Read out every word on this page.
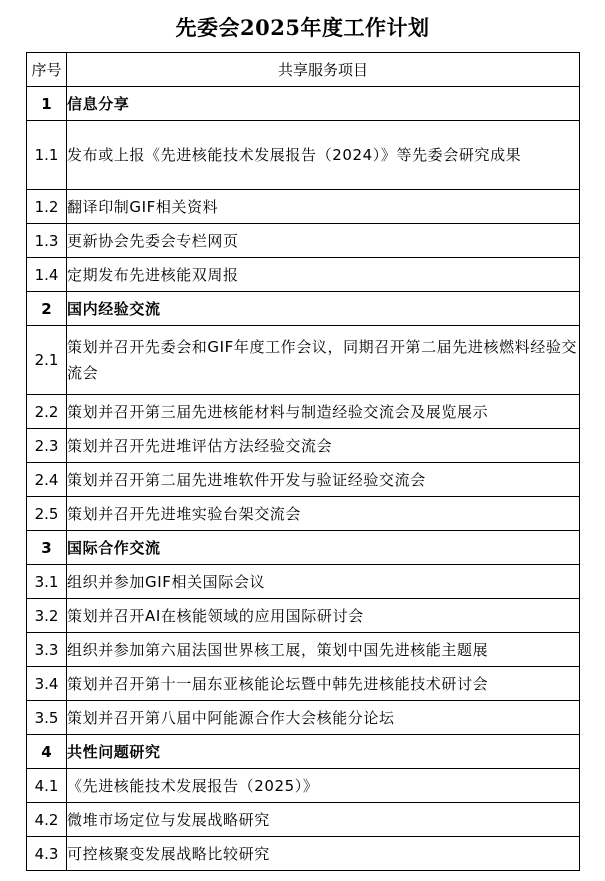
先委会2025年度工作计划
序号	共享服务项目
1	信息分享
1.1	发布或上报《先进核能技术发展报告（2024）》等先委会研究成果
1.2	翻译印制GIF相关资料
1.3	更新协会先委会专栏网页
1.4	定期发布先进核能双周报
2	国内经验交流
2.1	策划并召开先委会和GIF年度工作会议，同期召开第二届先进核燃料经验交流会
2.2	策划并召开第三届先进核能材料与制造经验交流会及展览展示
2.3	策划并召开先进堆评估方法经验交流会
2.4	策划并召开第二届先进堆软件开发与验证经验交流会
2.5	策划并召开先进堆实验台架交流会
3	国际合作交流
3.1	组织并参加GIF相关国际会议
3.2	策划并召开AI在核能领域的应用国际研讨会
3.3	组织并参加第六届法国世界核工展，策划中国先进核能主题展
3.4	策划并召开第十一届东亚核能论坛暨中韩先进核能技术研讨会
3.5	策划并召开第八届中阿能源合作大会核能分论坛
4	共性问题研究
4.1	《先进核能技术发展报告（2025）》
4.2	微堆市场定位与发展战略研究
4.3	可控核聚变发展战略比较研究
